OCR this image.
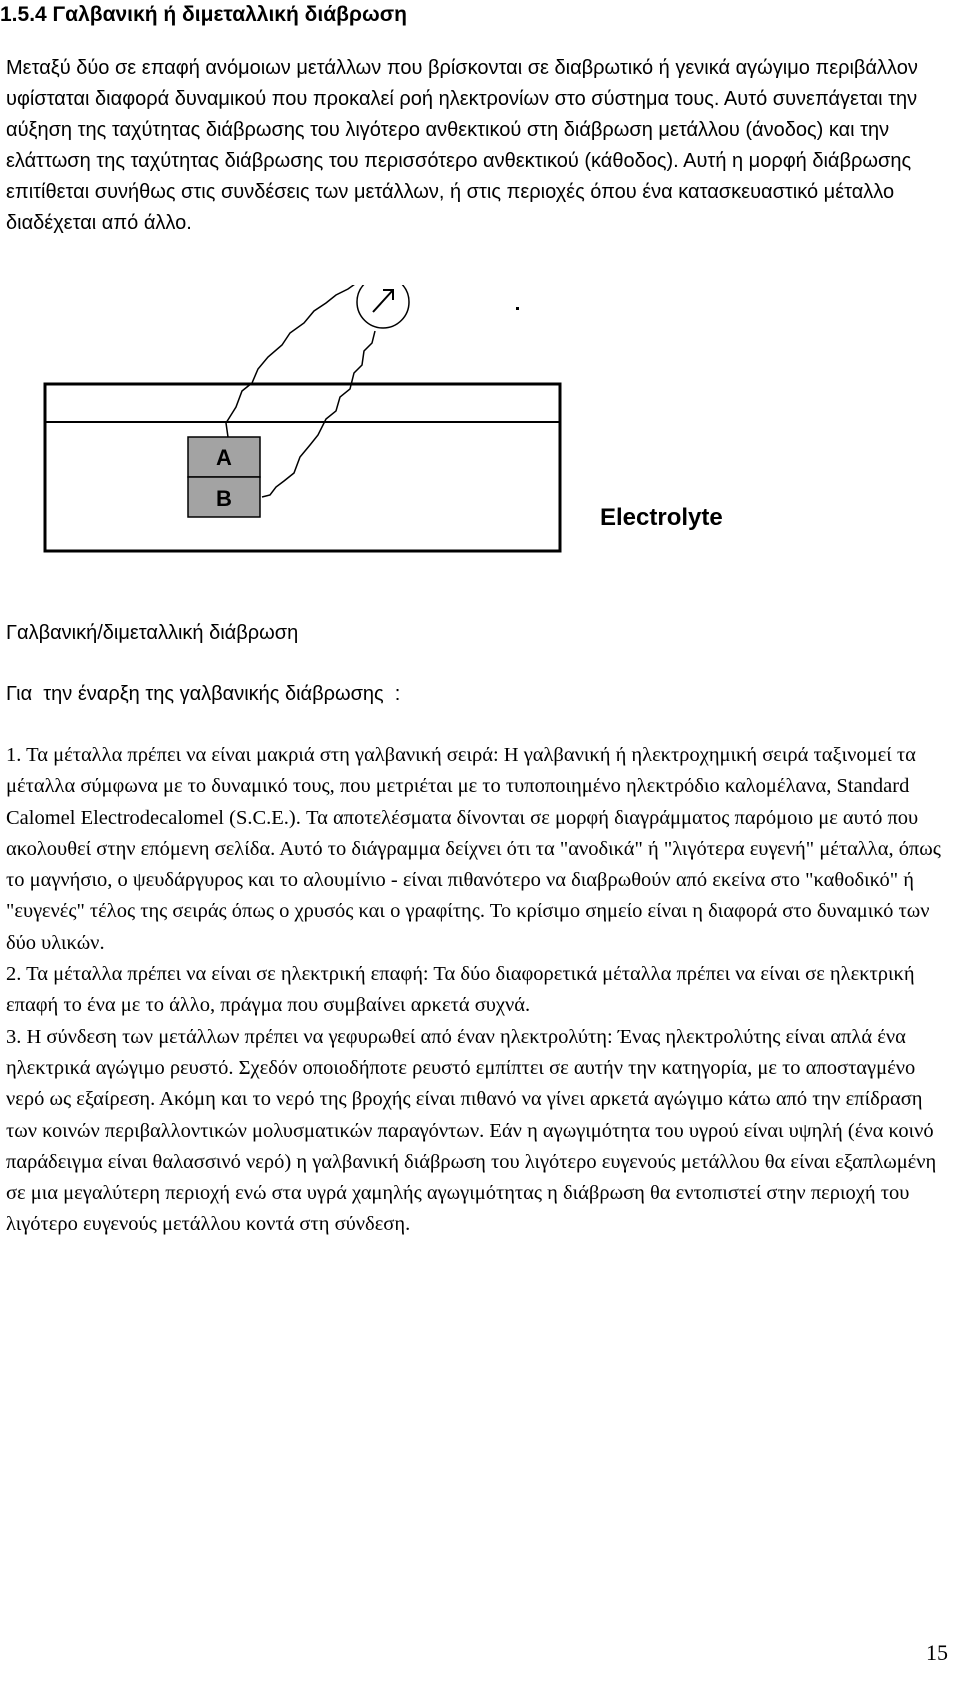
1.5.4 Γαλβανική ή διμεταλλική διάβρωση

Μεταξύ δύο σε επαφή ανόμοιων μετάλλων που βρίσκονται σε διαβρωτικό ή γενικά αγώγιμο περιβάλλον υφίσταται διαφορά δυναμικού που προκαλεί ροή ηλεκτρονίων στο σύστημα τους. Αυτό συνεπάγεται την αύξηση της ταχύτητας διάβρωσης του λιγότερο ανθεκτικού στη διάβρωση μετάλλου (άνοδος) και την ελάττωση της ταχύτητας διάβρωσης του περισσότερο ανθεκτικού (κάθοδος). Αυτή η μορφή διάβρωσης επιτίθεται συνήθως στις συνδέσεις των μετάλλων, ή στις περιοχές όπου ένα κατασκευαστικό μέταλλο διαδέχεται από άλλο.

A
B
Electrolyte
Γαλβανική/διμεταλλική διάβρωση
Για  την έναρξη της γαλβανικής διάβρωσης  :

1. Τα μέταλλα πρέπει να είναι μακριά στη γαλβανική σειρά: Η γαλβανική ή ηλεκτροχημική σειρά ταξινομεί τα μέταλλα σύμφωνα με το δυναμικό τους, που μετριέται με το τυποποιημένο ηλεκτρόδιο καλομέλανα, Standard Calomel Electrodecalomel (S.C.E.). Τα αποτελέσματα δίνονται σε μορφή διαγράμματος παρόμοιο με αυτό που ακολουθεί στην επόμενη σελίδα. Αυτό το διάγραμμα δείχνει ότι τα "ανοδικά" ή "λιγότερα ευγενή" μέταλλα, όπως το μαγνήσιο, ο ψευδάργυρος και το αλουμίνιο - είναι πιθανότερο να διαβρωθούν από εκείνα στο "καθοδικό" ή "ευγενές" τέλος της σειράς όπως ο χρυσός και ο γραφίτης. Το κρίσιμο σημείο είναι η διαφορά στο δυναμικό των δύο υλικών.

2. Τα μέταλλα πρέπει να είναι σε ηλεκτρική επαφή: Τα δύο διαφορετικά μέταλλα πρέπει να είναι σε ηλεκτρική επαφή το ένα με το άλλο, πράγμα που συμβαίνει αρκετά συχνά.

3. Η σύνδεση των μετάλλων πρέπει να γεφυρωθεί από έναν ηλεκτρολύτη: Ένας ηλεκτρολύτης είναι απλά ένα ηλεκτρικά αγώγιμο ρευστό. Σχεδόν οποιοδήποτε ρευστό εμπίπτει σε αυτήν την κατηγορία, με το αποσταγμένο νερό ως εξαίρεση. Ακόμη και το νερό της βροχής είναι πιθανό να γίνει αρκετά αγώγιμο κάτω από την επίδραση των κοινών περιβαλλοντικών μολυσματικών παραγόντων. Εάν η αγωγιμότητα του υγρού είναι υψηλή (ένα κοινό παράδειγμα είναι θαλασσινό νερό) η γαλβανική διάβρωση του λιγότερο ευγενούς μετάλλου θα είναι εξαπλωμένη σε μια μεγαλύτερη περιοχή ενώ στα υγρά χαμηλής αγωγιμότητας η διάβρωση θα εντοπιστεί στην περιοχή του λιγότερο ευγενούς μετάλλου κοντά στη σύνδεση.

15
